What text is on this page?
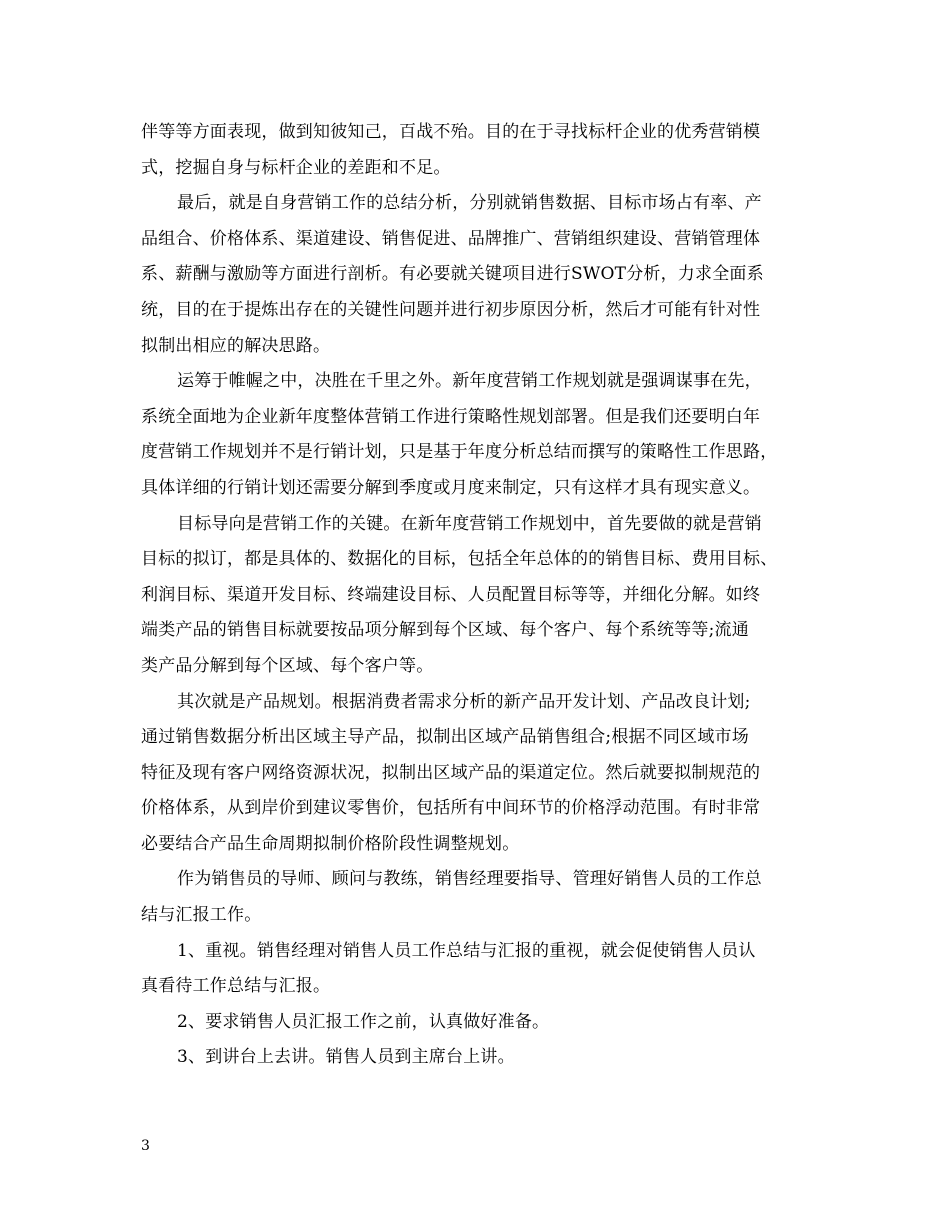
伴等等方面表现，做到知彼知己，百战不殆。目的在于寻找标杆企业的优秀营销模
式，挖掘自身与标杆企业的差距和不足。
最后，就是自身营销工作的总结分析，分别就销售数据、目标市场占有率、产
品组合、价格体系、渠道建设、销售促进、品牌推广、营销组织建设、营销管理体
系、薪酬与激励等方面进行剖析。有必要就关键项目进行SWOT分析，力求全面系
统，目的在于提炼出存在的关键性问题并进行初步原因分析，然后才可能有针对性
拟制出相应的解决思路。
运筹于帷幄之中，决胜在千里之外。新年度营销工作规划就是强调谋事在先，
系统全面地为企业新年度整体营销工作进行策略性规划部署。但是我们还要明白年
度营销工作规划并不是行销计划，只是基于年度分析总结而撰写的策略性工作思路，
具体详细的行销计划还需要分解到季度或月度来制定，只有这样才具有现实意义。
目标导向是营销工作的关键。在新年度营销工作规划中，首先要做的就是营销
目标的拟订，都是具体的、数据化的目标，包括全年总体的的销售目标、费用目标、
利润目标、渠道开发目标、终端建设目标、人员配置目标等等，并细化分解。如终
端类产品的销售目标就要按品项分解到每个区域、每个客户、每个系统等等;流通
类产品分解到每个区域、每个客户等。
其次就是产品规划。根据消费者需求分析的新产品开发计划、产品改良计划;
通过销售数据分析出区域主导产品，拟制出区域产品销售组合;根据不同区域市场
特征及现有客户网络资源状况，拟制出区域产品的渠道定位。然后就要拟制规范的
价格体系，从到岸价到建议零售价，包括所有中间环节的价格浮动范围。有时非常
必要结合产品生命周期拟制价格阶段性调整规划。
作为销售员的导师、顾问与教练，销售经理要指导、管理好销售人员的工作总
结与汇报工作。
1、重视。销售经理对销售人员工作总结与汇报的重视，就会促使销售人员认
真看待工作总结与汇报。
2、要求销售人员汇报工作之前，认真做好准备。
3、到讲台上去讲。销售人员到主席台上讲。
3
